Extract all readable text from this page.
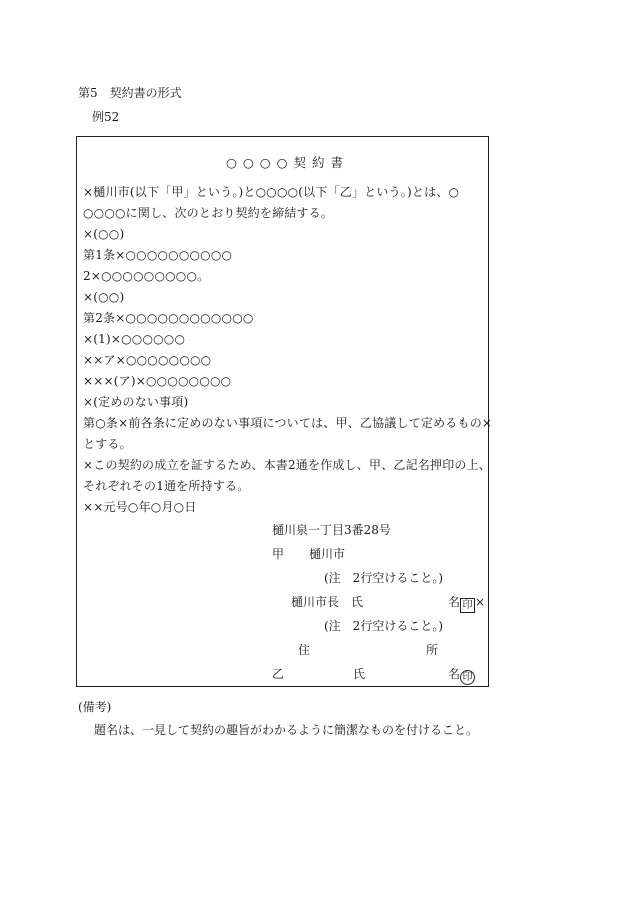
第5　契約書の形式
例52
○ ○ ○ ○ 契 約 書
×樋川市(以下「甲」という。)と○○○○(以下「乙」という。)とは、○
○○○○に関し、次のとおり契約を締結する。
×(○○)
第1条×○○○○○○○○○○
2×○○○○○○○○○。
×(○○)
第2条×○○○○○○○○○○○○
×(1)×○○○○○○
××ア×○○○○○○○○
×××(ア)×○○○○○○○○
×(定めのない事項)
第○条×前各条に定めのない事項については、甲、乙協議して定めるもの×
とする。
×この契約の成立を証するため、本書2通を作成し、甲、乙記名押印の上、
それぞれその1通を所持する。
××元号○年○月○日
樋川泉一丁目3番28号
甲 樋川市
(注　2行空けること。)
樋川市長　氏	名 印 ×
(注　2行空けること。)
住	所
乙	氏	名 印
(備考)
題名は、一見して契約の趣旨がわかるように簡潔なものを付けること。
